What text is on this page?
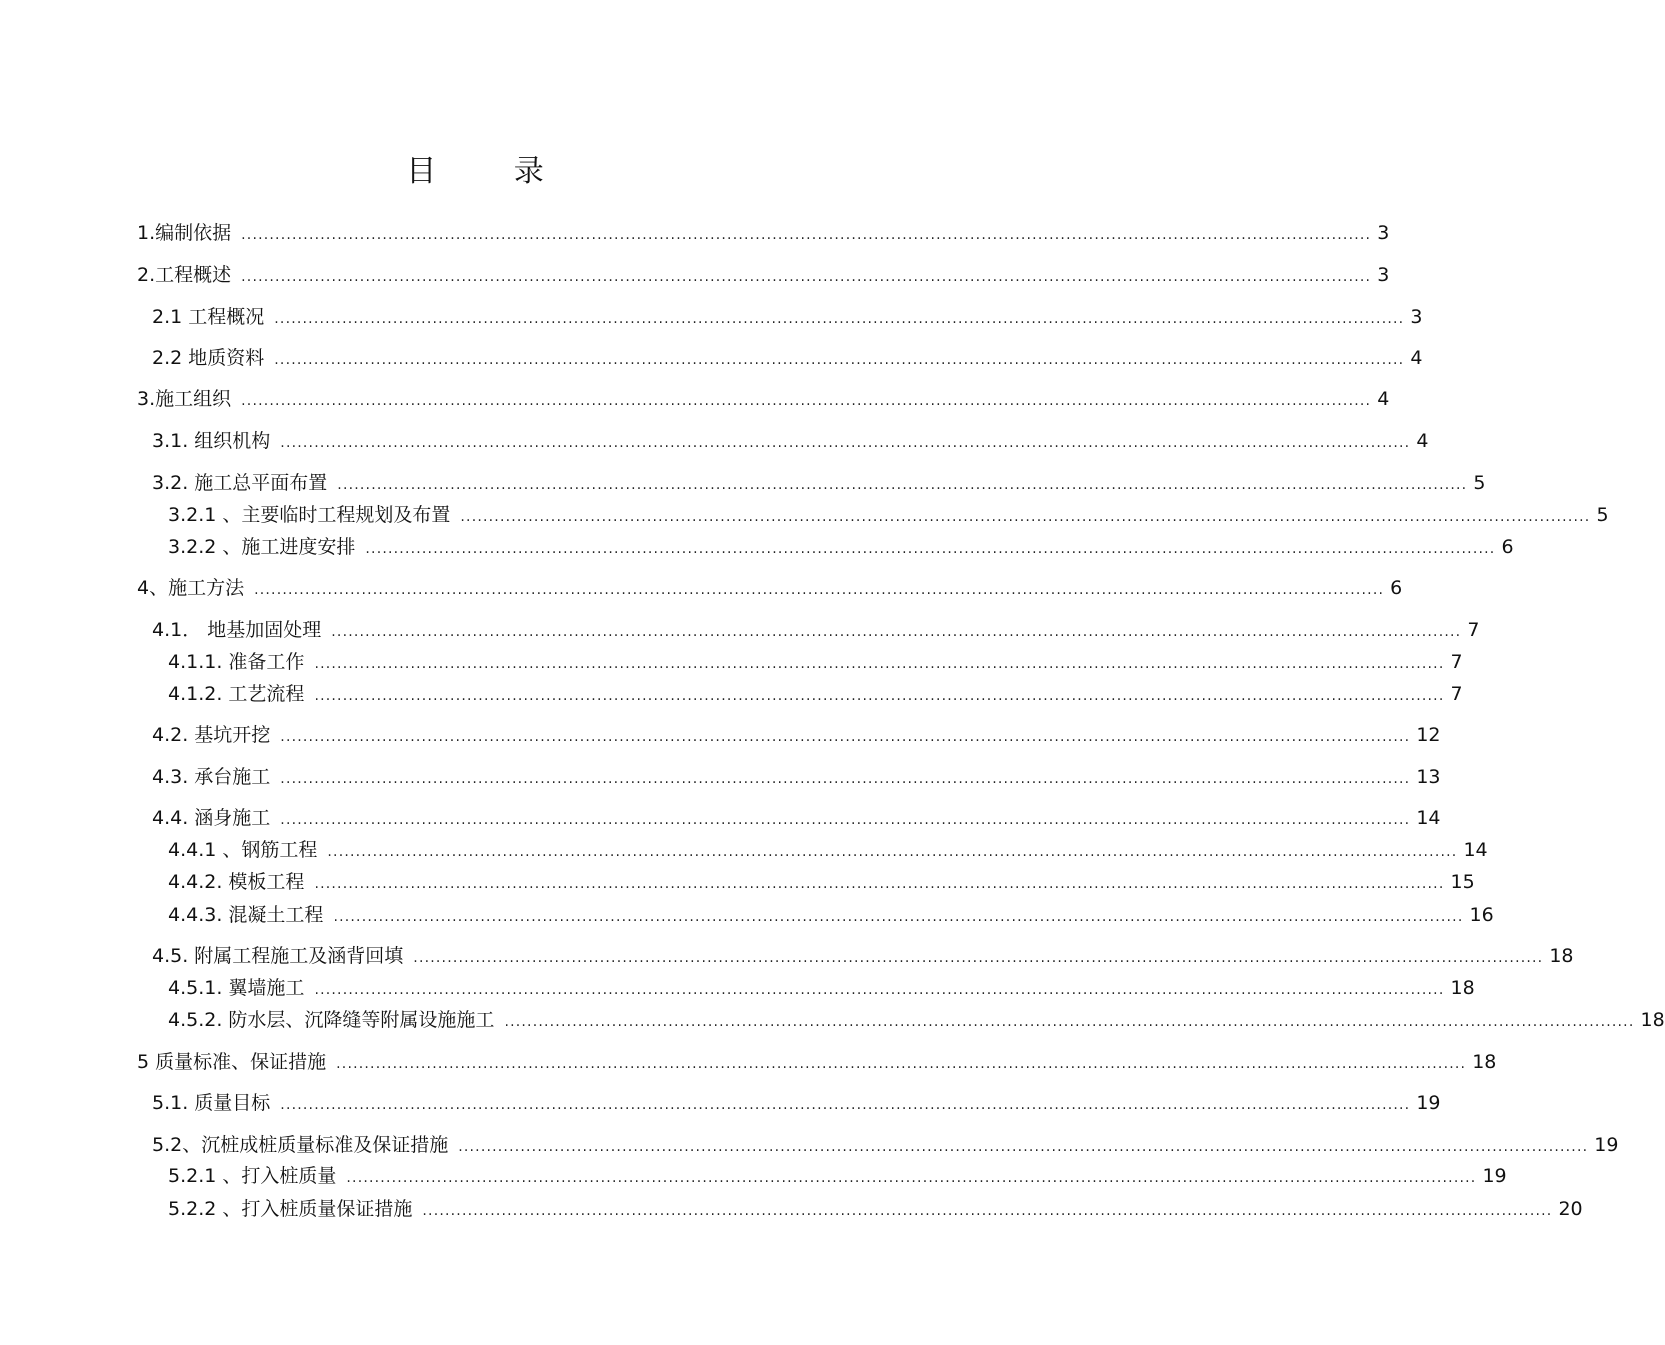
目 录
1.编制依据 ........................................................................................................................................................................................................ 3
2.工程概述 ........................................................................................................................................................................................................ 3
2.1 工程概况 ........................................................................................................................................................................................................ 3
2.2 地质资料 ........................................................................................................................................................................................................ 4
3.施工组织 ........................................................................................................................................................................................................ 4
3.1. 组织机构 ........................................................................................................................................................................................................ 4
3.2. 施工总平面布置 ........................................................................................................................................................................................................ 5
3.2.1 、主要临时工程规划及布置 ........................................................................................................................................................................................................ 5
3.2.2 、施工进度安排 ........................................................................................................................................................................................................ 6
4、施工方法 ........................................................................................................................................................................................................ 6
4.1． 地基加固处理 ........................................................................................................................................................................................................ 7
4.1.1. 准备工作 ........................................................................................................................................................................................................ 7
4.1.2. 工艺流程 ........................................................................................................................................................................................................ 7
4.2. 基坑开挖 ........................................................................................................................................................................................................ 12
4.3. 承台施工 ........................................................................................................................................................................................................ 13
4.4. 涵身施工 ........................................................................................................................................................................................................ 14
4.4.1 、钢筋工程 ........................................................................................................................................................................................................ 14
4.4.2. 模板工程 ........................................................................................................................................................................................................ 15
4.4.3. 混凝土工程 ........................................................................................................................................................................................................ 16
4.5. 附属工程施工及涵背回填 ........................................................................................................................................................................................................ 18
4.5.1. 翼墙施工 ........................................................................................................................................................................................................ 18
4.5.2. 防水层、沉降缝等附属设施施工 ........................................................................................................................................................................................................ 18
5 质量标准、保证措施 ........................................................................................................................................................................................................ 18
5.1. 质量目标 ........................................................................................................................................................................................................ 19
5.2、沉桩成桩质量标准及保证措施 ........................................................................................................................................................................................................ 19
5.2.1 、打入桩质量 ........................................................................................................................................................................................................ 19
5.2.2 、打入桩质量保证措施 ........................................................................................................................................................................................................ 20
